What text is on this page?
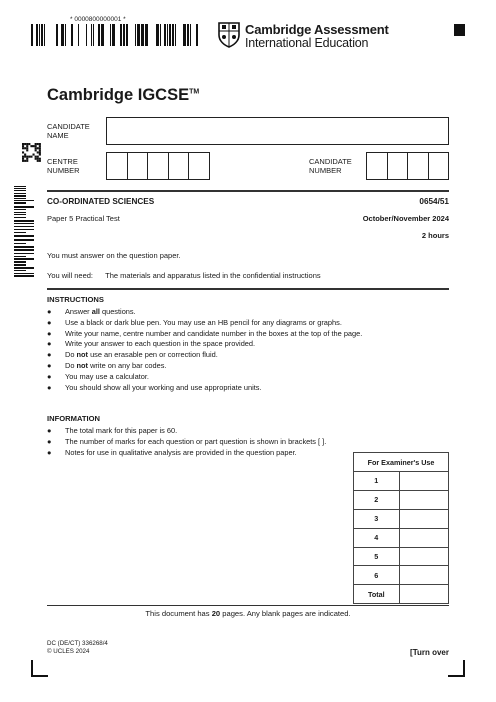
* 0000800000001 *
Cambridge Assessment
International Education
Cambridge IGCSE™
CANDIDATE
NAME
CENTRE
NUMBER
CANDIDATE
NUMBER
CO-ORDINATED SCIENCES	0654/51
Paper 5 Practical Test	October/November 2024
2 hours
You must answer on the question paper.
You will need: The materials and apparatus listed in the confidential instructions
INSTRUCTIONS
● Answer all questions.
● Use a black or dark blue pen. You may use an HB pencil for any diagrams or graphs.
● Write your name, centre number and candidate number in the boxes at the top of the page.
● Write your answer to each question in the space provided.
● Do not use an erasable pen or correction fluid.
● Do not write on any bar codes.
● You may use a calculator.
● You should show all your working and use appropriate units.
INFORMATION
● The total mark for this paper is 60.
● The number of marks for each question or part question is shown in brackets [ ].
● Notes for use in qualitative analysis are provided in the question paper.
For Examiner's Use	
1	
2	
3	
4	
5	
6	
Total	
This document has 20 pages. Any blank pages are indicated.
DC (DE/CT) 336268/4
© UCLES 2024	[Turn over
